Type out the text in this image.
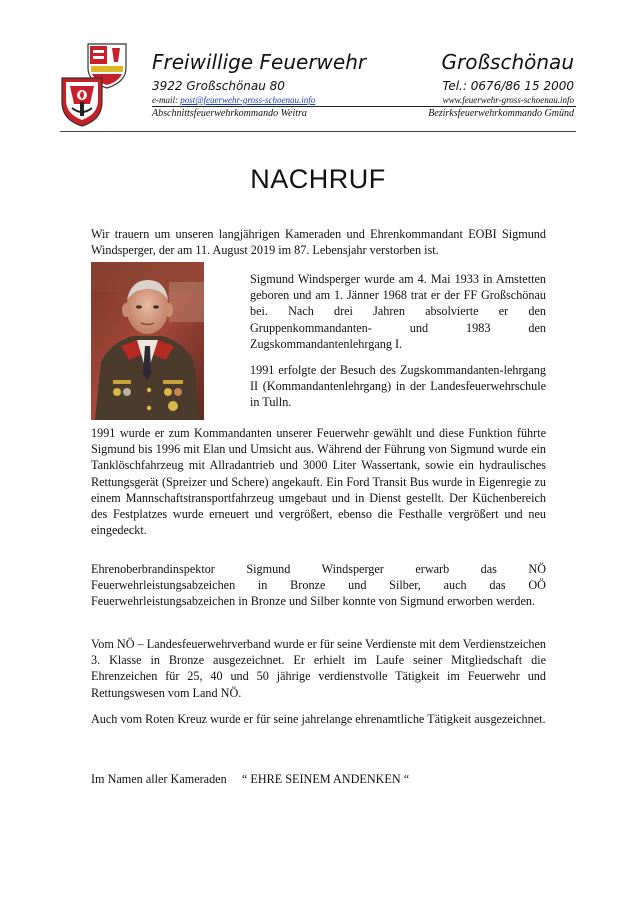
Freiwillige Feuerwehr	Großschönau
3922 Großschönau 80	Tel.: 0676/86 15 2000
e-mail: post@feuerwehr-gross-schoenau.info	www.feuerwehr-gross-schoenau.info
Abschnittsfeuerwehrkommando Weitra	Bezirksfeuerwehrkommando Gmünd
NACHRUF
Wir trauern um unseren langjährigen Kameraden und Ehrenkommandant EOBI Sigmund Windsperger, der am 11. August 2019 im 87. Lebensjahr verstorben ist.
Sigmund Windsperger wurde am 4. Mai 1933 in Amstetten geboren und am 1. Jänner 1968 trat er der FF Großschönau bei. Nach drei Jahren absolvierte er den Gruppenkommandanten- und 1983 den Zugskommandantenlehrgang I.
1991 erfolgte der Besuch des Zugskommandanten-lehrgang II (Kommandantenlehrgang) in der Landesfeuerwehrschule in Tulln.
1991 wurde er zum Kommandanten unserer Feuerwehr gewählt und diese Funktion führte Sigmund bis 1996 mit Elan und Umsicht aus. Während der Führung von Sigmund wurde ein Tanklöschfahrzeug mit Allradantrieb und 3000 Liter Wassertank, sowie ein hydraulisches Rettungsgerät (Spreizer und Schere) angekauft. Ein Ford Transit Bus wurde in Eigenregie zu einem Mannschaftstransportfahrzeug umgebaut und in Dienst gestellt. Der Küchenbereich des Festplatzes wurde erneuert und vergrößert, ebenso die Festhalle vergrößert und neu eingedeckt.
Ehrenoberbrandinspektor Sigmund Windsperger erwarb das NÖ Feuerwehrleistungsabzeichen in Bronze und Silber, auch das OÖ Feuerwehrleistungsabzeichen in Bronze und Silber konnte von Sigmund erworben werden.
Vom NÖ – Landesfeuerwehrverband wurde er für seine Verdienste mit dem Verdienstzeichen 3. Klasse in Bronze ausgezeichnet. Er erhielt im Laufe seiner Mitgliedschaft die Ehrenzeichen für 25, 40 und 50 jährige verdienstvolle Tätigkeit im Feuerwehr und Rettungswesen vom Land NÖ.
Auch vom Roten Kreuz wurde er für seine jahrelange ehrenamtliche Tätigkeit ausgezeichnet.
Im Namen aller Kameraden “ EHRE SEINEM ANDENKEN “
